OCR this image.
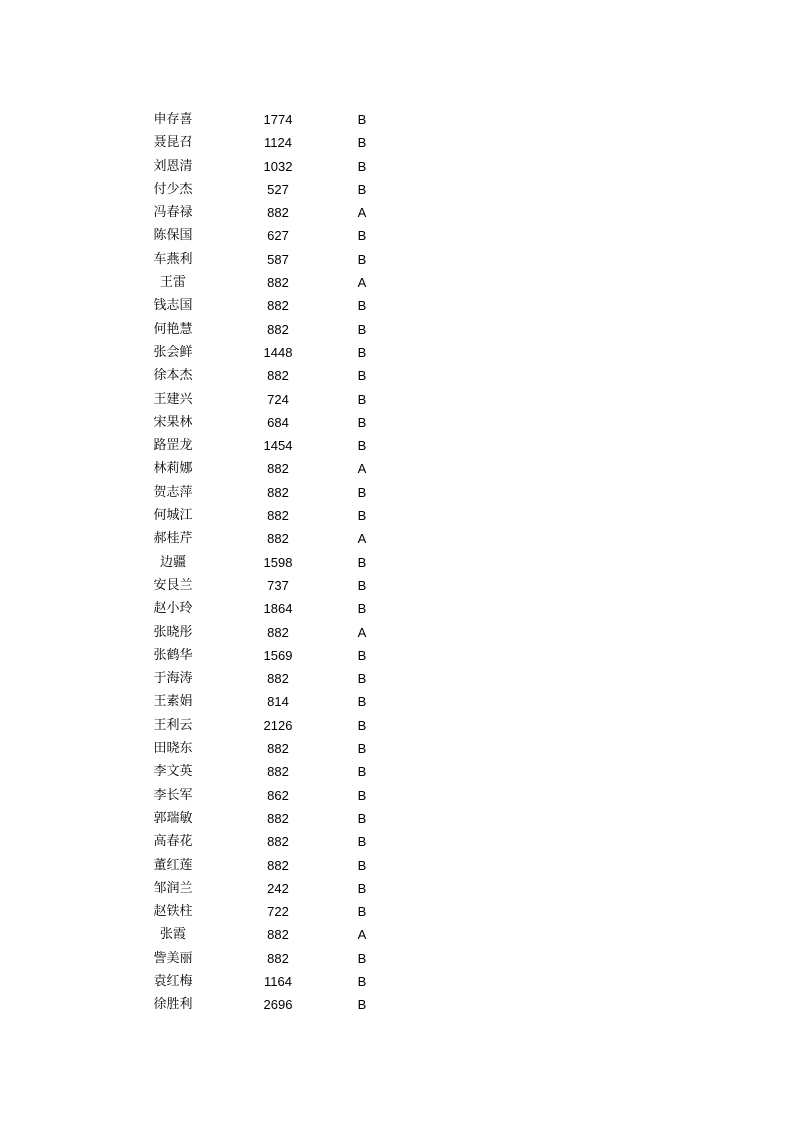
申存喜	1774	B
聂昆召	1124	B
刘恩清	1032	B
付少杰	527	B
冯春禄	882	A
陈保国	627	B
车燕利	587	B
王雷	882	A
钱志国	882	B
何艳慧	882	B
张会鲜	1448	B
徐本杰	882	B
王建兴	724	B
宋果林	684	B
路罡龙	1454	B
林莉娜	882	A
贺志萍	882	B
何城江	882	B
郝桂芹	882	A
边疆	1598	B
安艮兰	737	B
赵小玲	1864	B
张晓彤	882	A
张鹤华	1569	B
于海涛	882	B
王素娟	814	B
王利云	2126	B
田晓东	882	B
李文英	882	B
李长军	862	B
郭瑞敏	882	B
高春花	882	B
董红莲	882	B
邹润兰	242	B
赵铁柱	722	B
张霞	882	A
訾美丽	882	B
袁红梅	1164	B
徐胜利	2696	B
